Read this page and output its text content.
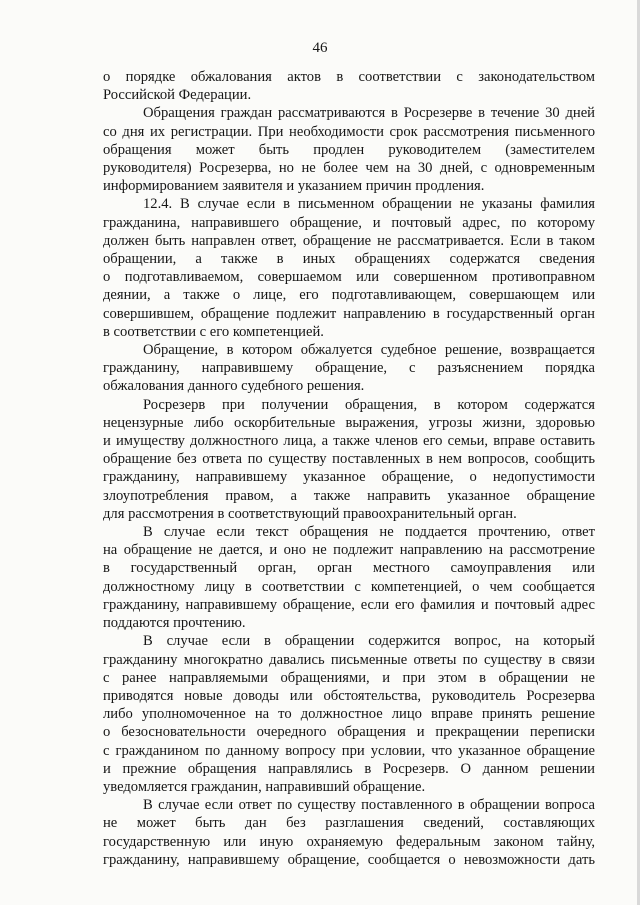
46
о порядке обжалования актов в соответствии с законодательством
Российской Федерации.
Обращения граждан рассматриваются в Росрезерве в течение 30 дней
со дня их регистрации. При необходимости срок рассмотрения письменного
обращения может быть продлен руководителем (заместителем
руководителя) Росрезерва, но не более чем на 30 дней, с одновременным
информированием заявителя и указанием причин продления.
12.4. В случае если в письменном обращении не указаны фамилия
гражданина, направившего обращение, и почтовый адрес, по которому
должен быть направлен ответ, обращение не рассматривается. Если в таком
обращении, а также в иных обращениях содержатся сведения
о подготавливаемом, совершаемом или совершенном противоправном
деянии, а также о лице, его подготавливающем, совершающем или
совершившем, обращение подлежит направлению в государственный орган
в соответствии с его компетенцией.
Обращение, в котором обжалуется судебное решение, возвращается
гражданину, направившему обращение, с разъяснением порядка
обжалования данного судебного решения.
Росрезерв при получении обращения, в котором содержатся
нецензурные либо оскорбительные выражения, угрозы жизни, здоровью
и имуществу должностного лица, а также членов его семьи, вправе оставить
обращение без ответа по существу поставленных в нем вопросов, сообщить
гражданину, направившему указанное обращение, о недопустимости
злоупотребления правом, а также направить указанное обращение
для рассмотрения в соответствующий правоохранительный орган.
В случае если текст обращения не поддается прочтению, ответ
на обращение не дается, и оно не подлежит направлению на рассмотрение
в государственный орган, орган местного самоуправления или
должностному лицу в соответствии с компетенцией, о чем сообщается
гражданину, направившему обращение, если его фамилия и почтовый адрес
поддаются прочтению.
В случае если в обращении содержится вопрос, на который
гражданину многократно давались письменные ответы по существу в связи
с ранее направляемыми обращениями, и при этом в обращении не
приводятся новые доводы или обстоятельства, руководитель Росрезерва
либо уполномоченное на то должностное лицо вправе принять решение
о безосновательности очередного обращения и прекращении переписки
с гражданином по данному вопросу при условии, что указанное обращение
и прежние обращения направлялись в Росрезерв. О данном решении
уведомляется гражданин, направивший обращение.
В случае если ответ по существу поставленного в обращении вопроса
не может быть дан без разглашения сведений, составляющих
государственную или иную охраняемую федеральным законом тайну,
гражданину, направившему обращение, сообщается о невозможности дать
